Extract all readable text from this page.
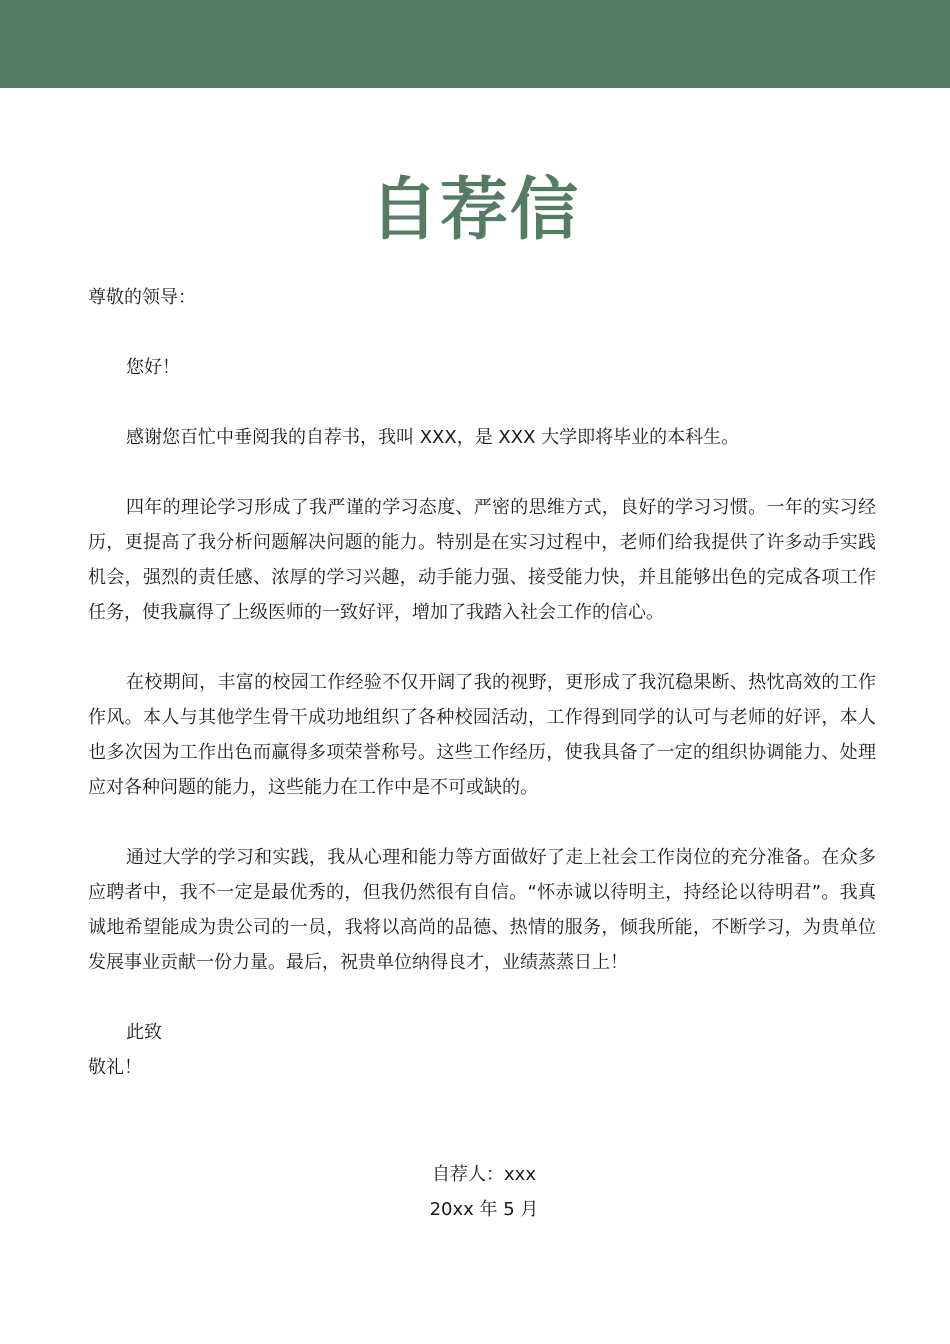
自荐信

尊敬的领导：

您好！

感谢您百忙中垂阅我的自荐书，我叫 XXX，是 XXX 大学即将毕业的本科生。

四年的理论学习形成了我严谨的学习态度、严密的思维方式，良好的学习习惯。一年的实习经历，更提高了我分析问题解决问题的能力。特别是在实习过程中，老师们给我提供了许多动手实践机会，强烈的责任感、浓厚的学习兴趣，动手能力强、接受能力快，并且能够出色的完成各项工作任务，使我赢得了上级医师的一致好评，增加了我踏入社会工作的信心。

在校期间，丰富的校园工作经验不仅开阔了我的视野，更形成了我沉稳果断、热忱高效的工作作风。本人与其他学生骨干成功地组织了各种校园活动，工作得到同学的认可与老师的好评，本人也多次因为工作出色而赢得多项荣誉称号。这些工作经历，使我具备了一定的组织协调能力、处理应对各种问题的能力，这些能力在工作中是不可或缺的。

通过大学的学习和实践，我从心理和能力等方面做好了走上社会工作岗位的充分准备。在众多应聘者中，我不一定是最优秀的，但我仍然很有自信。“怀赤诚以待明主，持经论以待明君”。我真诚地希望能成为贵公司的一员，我将以高尚的品德、热情的服务，倾我所能，不断学习，为贵单位发展事业贡献一份力量。最后，祝贵单位纳得良才，业绩蒸蒸日上！

此致

敬礼！

自荐人：xxx

20xx 年 5 月
